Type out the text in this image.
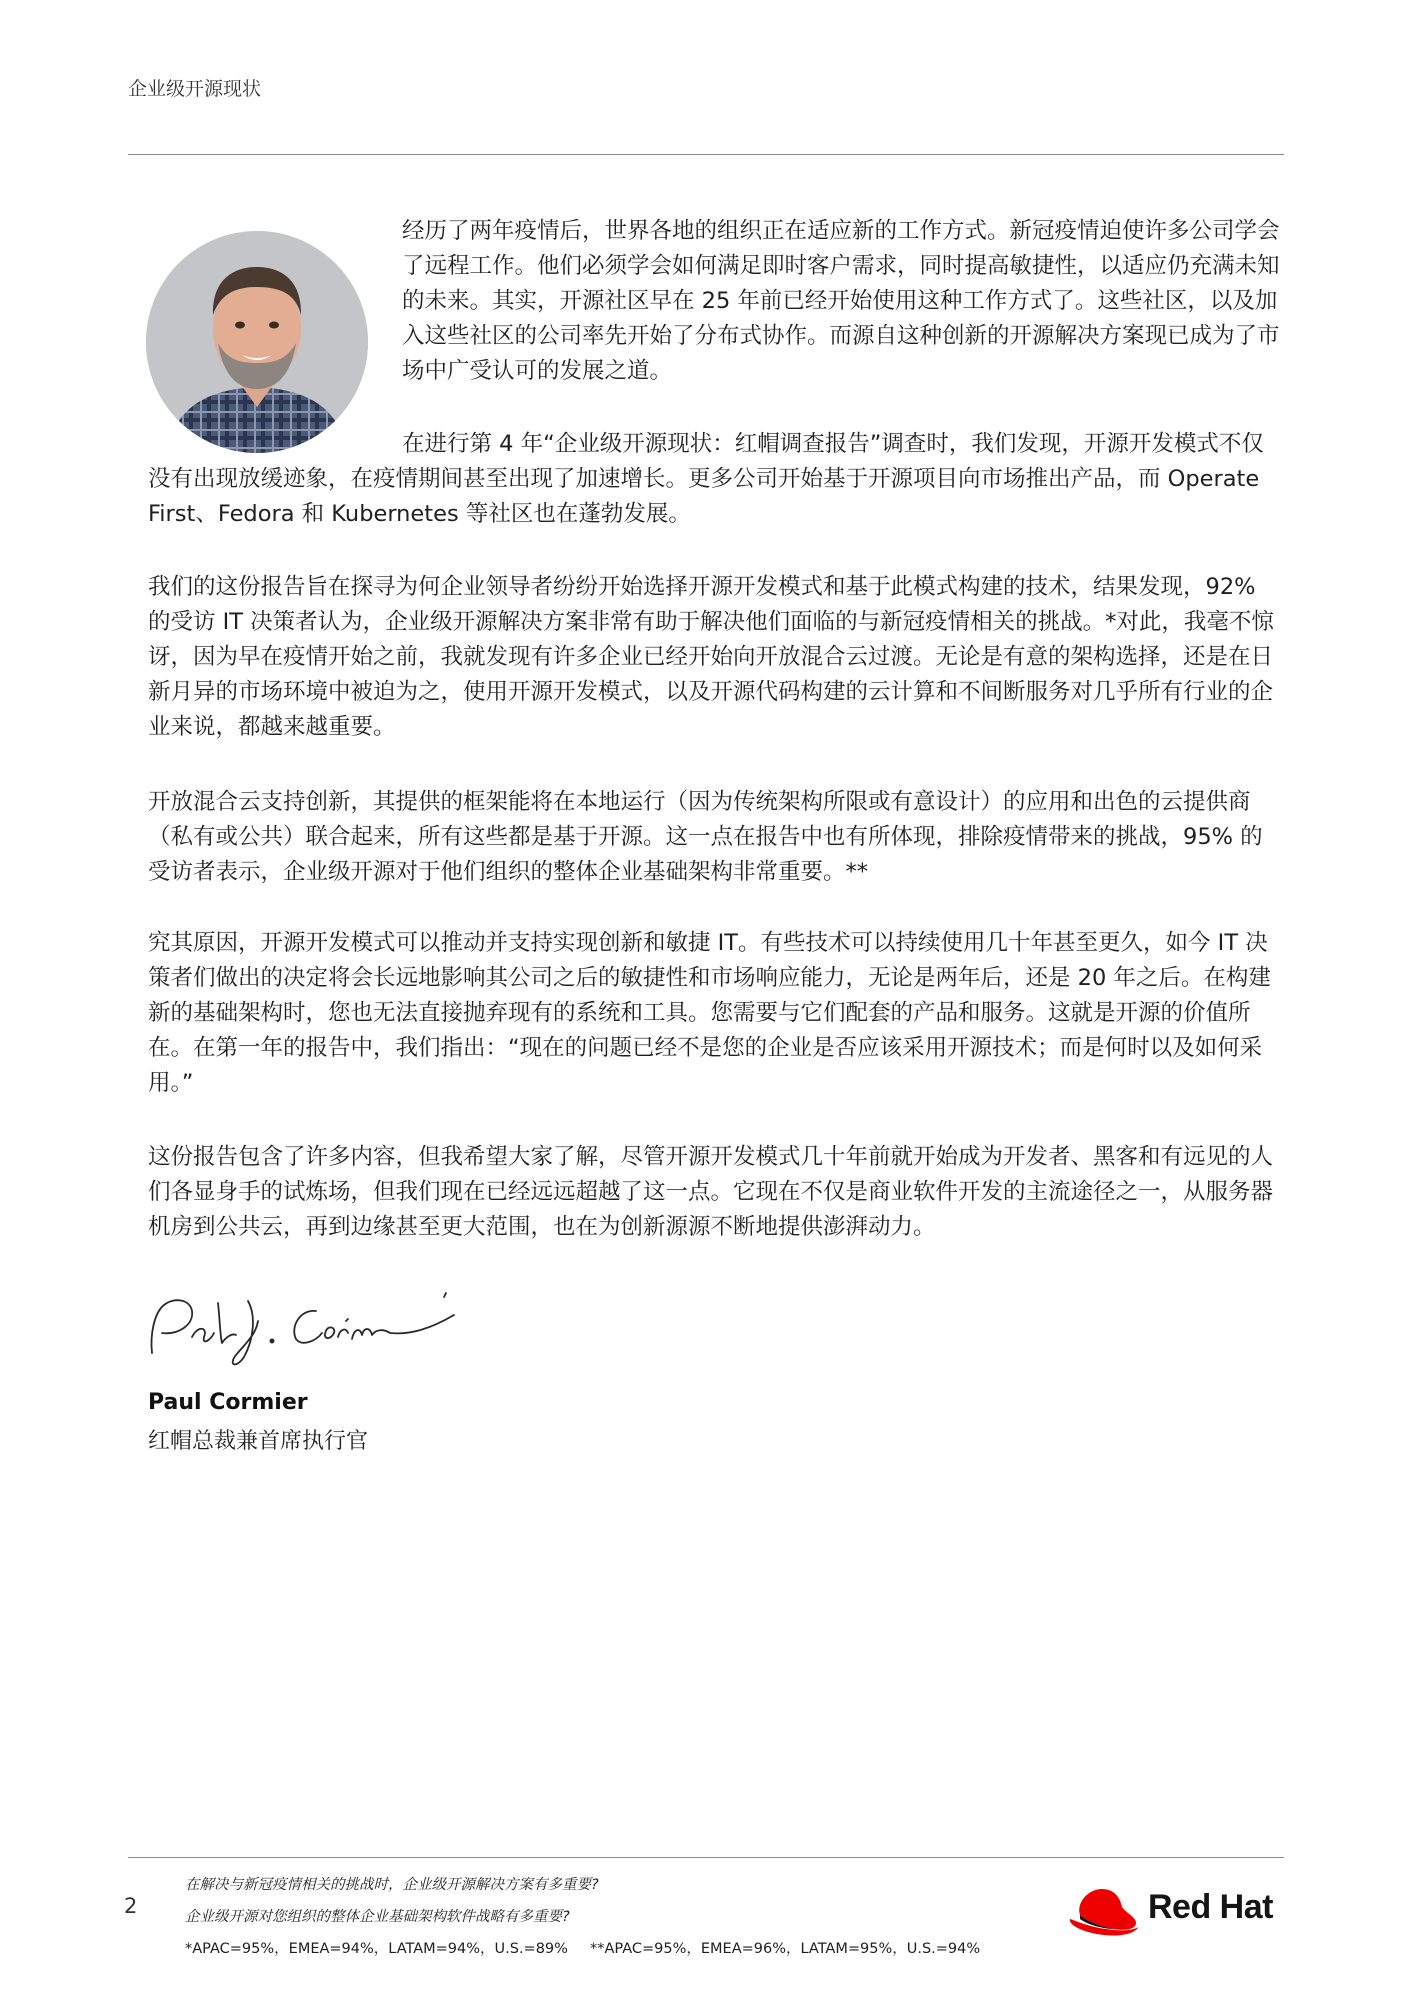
企业级开源现状
经历了两年疫情后，世界各地的组织正在适应新的工作方式。新冠疫情迫使许多公司学会了远程工作。他们必须学会如何满足即时客户需求，同时提高敏捷性，以适应仍充满未知的未来。其实，开源社区早在 25 年前已经开始使用这种工作方式了。这些社区，以及加入这些社区的公司率先开始了分布式协作。而源自这种创新的开源解决方案现已成为了市场中广受认可的发展之道。
在进行第 4 年“企业级开源现状：红帽调查报告”调查时，我们发现，开源开发模式不仅没有出现放缓迹象，在疫情期间甚至出现了加速增长。更多公司开始基于开源项目向市场推出产品，而 Operate First、Fedora 和 Kubernetes 等社区也在蓬勃发展。
我们的这份报告旨在探寻为何企业领导者纷纷开始选择开源开发模式和基于此模式构建的技术，结果发现，92% 的受访 IT 决策者认为，企业级开源解决方案非常有助于解决他们面临的与新冠疫情相关的挑战。*对此，我毫不惊讶，因为早在疫情开始之前，我就发现有许多企业已经开始向开放混合云过渡。无论是有意的架构选择，还是在日新月异的市场环境中被迫为之，使用开源开发模式，以及开源代码构建的云计算和不间断服务对几乎所有行业的企业来说，都越来越重要。
开放混合云支持创新，其提供的框架能将在本地运行（因为传统架构所限或有意设计）的应用和出色的云提供商（私有或公共）联合起来，所有这些都是基于开源。这一点在报告中也有所体现，排除疫情带来的挑战，95% 的受访者表示，企业级开源对于他们组织的整体企业基础架构非常重要。**
究其原因，开源开发模式可以推动并支持实现创新和敏捷 IT。有些技术可以持续使用几十年甚至更久，如今 IT 决策者们做出的决定将会长远地影响其公司之后的敏捷性和市场响应能力，无论是两年后，还是 20 年之后。在构建新的基础架构时，您也无法直接抛弃现有的系统和工具。您需要与它们配套的产品和服务。这就是开源的价值所在。在第一年的报告中，我们指出：“现在的问题已经不是您的企业是否应该采用开源技术；而是何时以及如何采用。”
这份报告包含了许多内容，但我希望大家了解，尽管开源开发模式几十年前就开始成为开发者、黑客和有远见的人们各显身手的试炼场，但我们现在已经远远超越了这一点。它现在不仅是商业软件开发的主流途径之一，从服务器机房到公共云，再到边缘甚至更大范围，也在为创新源源不断地提供澎湃动力。
Paul Cormier
红帽总裁兼首席执行官
2
在解决与新冠疫情相关的挑战时，企业级开源解决方案有多重要?
企业级开源对您组织的整体企业基础架构软件战略有多重要?
*APAC=95%，EMEA=94%，LATAM=94%，U.S.=89% **APAC=95%，EMEA=96%，LATAM=95%，U.S.=94%
Red Hat
